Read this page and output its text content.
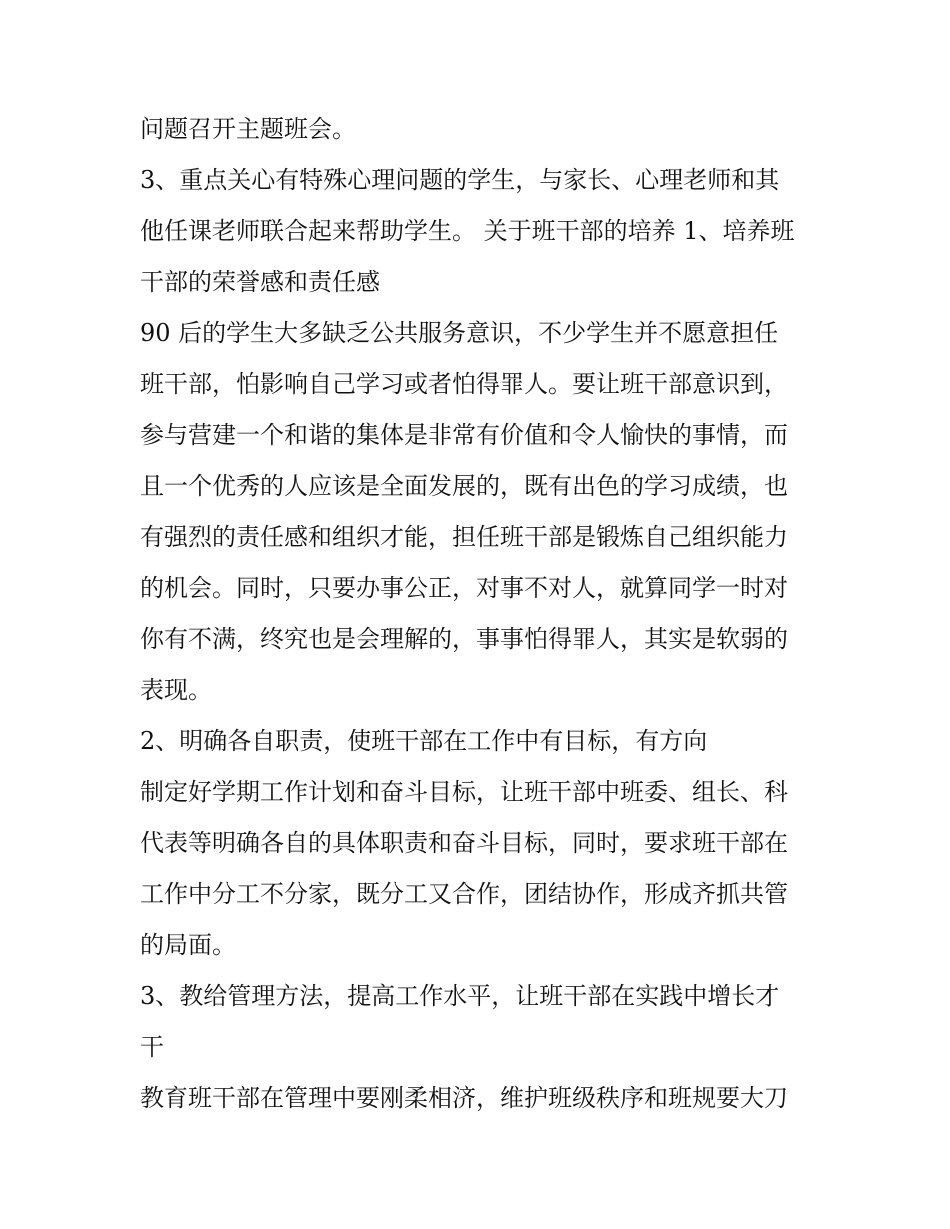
问题召开主题班会。
3、重点关心有特殊心理问题的学生，与家长、心理老师和其
他任课老师联合起来帮助学生。 关于班干部的培养 1、培养班
干部的荣誉感和责任感
90 后的学生大多缺乏公共服务意识，不少学生并不愿意担任
班干部，怕影响自己学习或者怕得罪人。要让班干部意识到，
参与营建一个和谐的集体是非常有价值和令人愉快的事情，而
且一个优秀的人应该是全面发展的，既有出色的学习成绩，也
有强烈的责任感和组织才能，担任班干部是锻炼自己组织能力
的机会。同时，只要办事公正，对事不对人，就算同学一时对
你有不满，终究也是会理解的，事事怕得罪人，其实是软弱的
表现。
2、明确各自职责，使班干部在工作中有目标，有方向
制定好学期工作计划和奋斗目标，让班干部中班委、组长、科
代表等明确各自的具体职责和奋斗目标，同时，要求班干部在
工作中分工不分家，既分工又合作，团结协作，形成齐抓共管
的局面。
3、教给管理方法，提高工作水平，让班干部在实践中增长才
干
教育班干部在管理中要刚柔相济，维护班级秩序和班规要大刀
